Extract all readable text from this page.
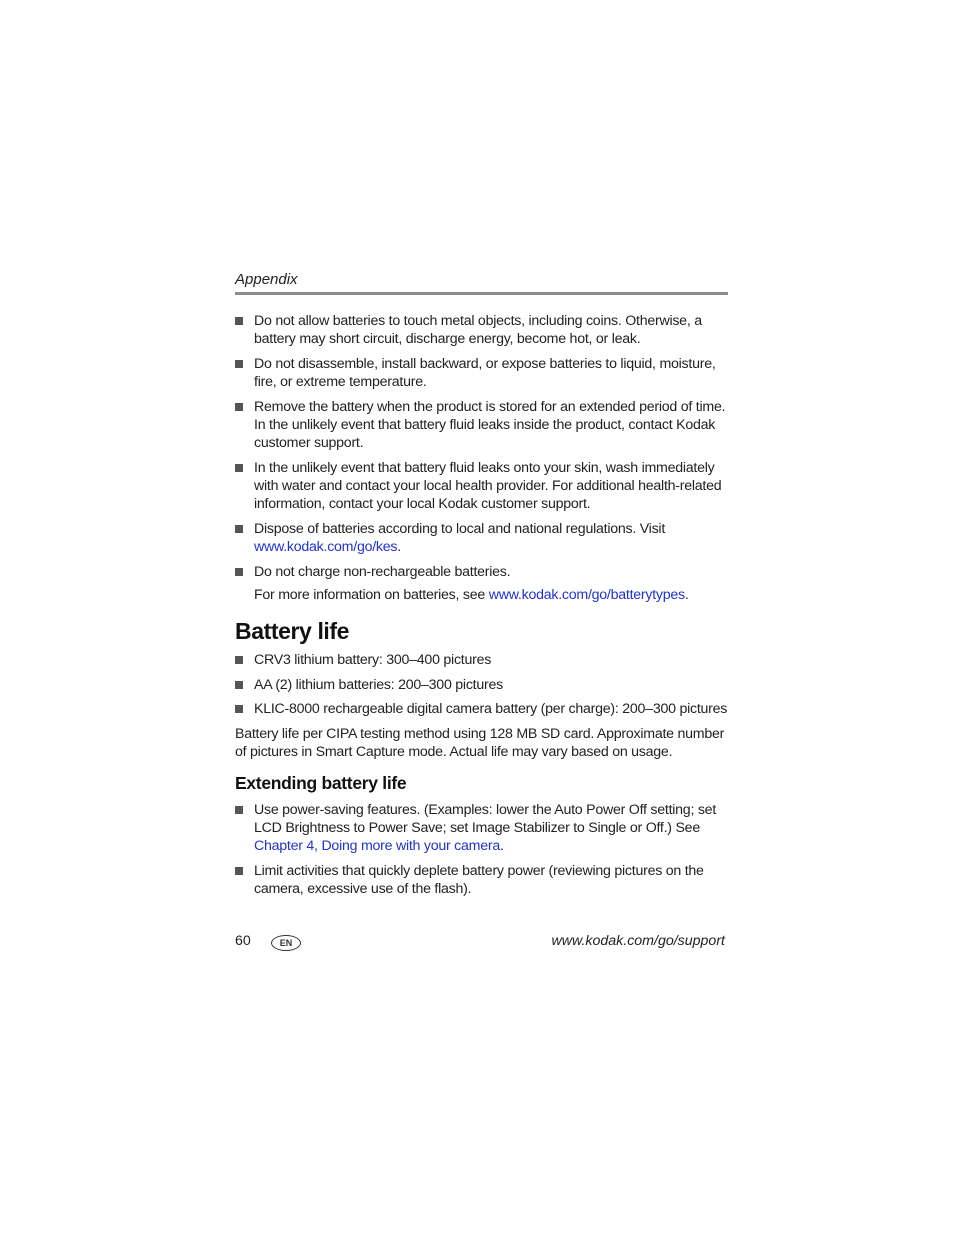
Appendix
Do not allow batteries to touch metal objects, including coins. Otherwise, a battery may short circuit, discharge energy, become hot, or leak.
Do not disassemble, install backward, or expose batteries to liquid, moisture, fire, or extreme temperature.
Remove the battery when the product is stored for an extended period of time. In the unlikely event that battery fluid leaks inside the product, contact Kodak customer support.
In the unlikely event that battery fluid leaks onto your skin, wash immediately with water and contact your local health provider. For additional health-related information, contact your local Kodak customer support.
Dispose of batteries according to local and national regulations. Visit www.kodak.com/go/kes.
Do not charge non-rechargeable batteries.
For more information on batteries, see www.kodak.com/go/batterytypes.
Battery life
CRV3 lithium battery: 300–400 pictures
AA (2) lithium batteries: 200–300 pictures
KLIC-8000 rechargeable digital camera battery (per charge): 200–300 pictures

Battery life per CIPA testing method using 128 MB SD card. Approximate number of pictures in Smart Capture mode. Actual life may vary based on usage.

Extending battery life
Use power-saving features. (Examples: lower the Auto Power Off setting; set LCD Brightness to Power Save; set Image Stabilizer to Single or Off.) See Chapter 4, Doing more with your camera.
Limit activities that quickly deplete battery power (reviewing pictures on the camera, excessive use of the flash).
60	EN	www.kodak.com/go/support
